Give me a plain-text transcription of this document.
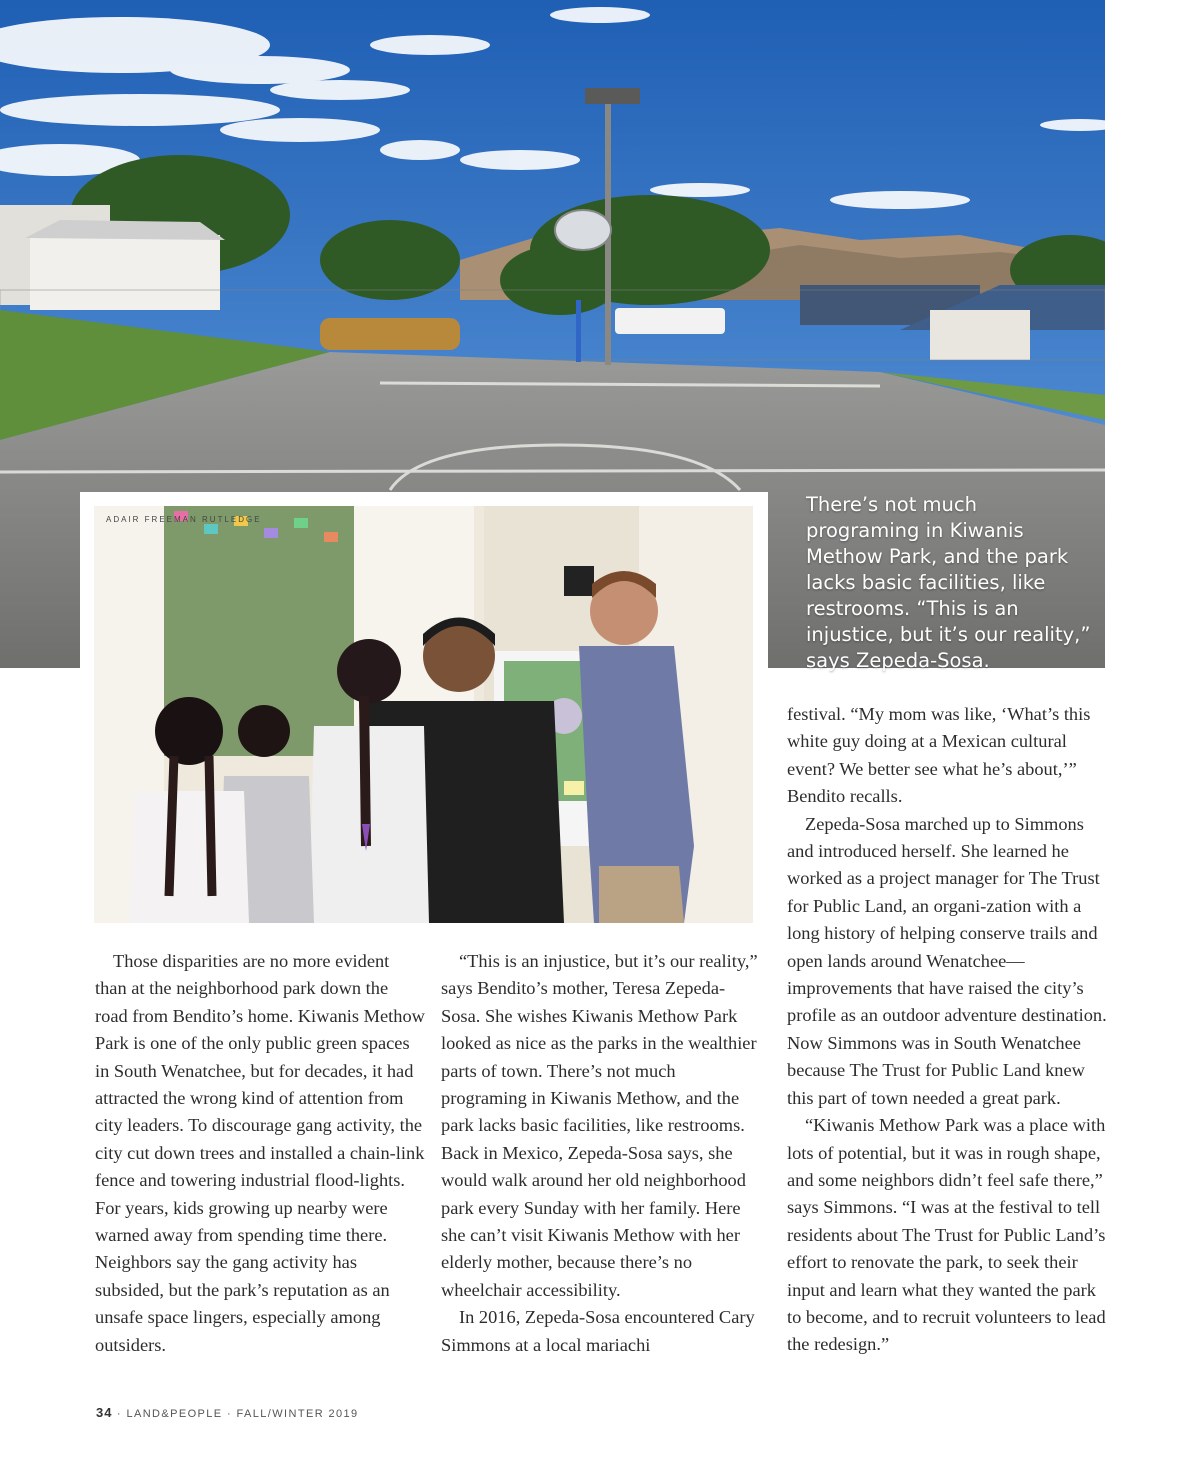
ADAIR FREEMAN RUTLEDGE
There’s not much programing in Kiwanis Methow Park, and the park lacks basic facilities, like restrooms. “This is an injustice, but it’s our reality,” says Zepeda-Sosa.

Those disparities are no more evident than at the neighborhood park down the road from Bendito’s home. Kiwanis Methow Park is one of the only public green spaces in South Wenatchee, but for decades, it had attracted the wrong kind of attention from city leaders. To discourage gang activity, the city cut down trees and installed a chain-link fence and towering industrial flood-lights. For years, kids growing up nearby were warned away from spending time there. Neighbors say the gang activity has subsided, but the park’s reputation as an unsafe space lingers, especially among outsiders.

“This is an injustice, but it’s our reality,” says Bendito’s mother, Teresa Zepeda-Sosa. She wishes Kiwanis Methow Park looked as nice as the parks in the wealthier parts of town. There’s not much programing in Kiwanis Methow, and the park lacks basic facilities, like restrooms. Back in Mexico, Zepeda-Sosa says, she would walk around her old neighborhood park every Sunday with her family. Here she can’t visit Kiwanis Methow with her elderly mother, because there’s no wheelchair accessibility.

In 2016, Zepeda-Sosa encountered Cary Simmons at a local mariachi

festival. “My mom was like, ‘What’s this white guy doing at a Mexican cultural event? We better see what he’s about,’” Bendito recalls.

Zepeda-Sosa marched up to Simmons and introduced herself. She learned he worked as a project manager for The Trust for Public Land, an organi-zation with a long history of helping conserve trails and open lands around Wenatchee—improvements that have raised the city’s profile as an outdoor adventure destination. Now Simmons was in South Wenatchee because The Trust for Public Land knew this part of town needed a great park.

“Kiwanis Methow Park was a place with lots of potential, but it was in rough shape, and some neighbors didn’t feel safe there,” says Simmons. “I was at the festival to tell residents about The Trust for Public Land’s effort to renovate the park, to seek their input and learn what they wanted the park to become, and to recruit volunteers to lead the redesign.”

34 · LAND&PEOPLE · FALL/WINTER 2019
